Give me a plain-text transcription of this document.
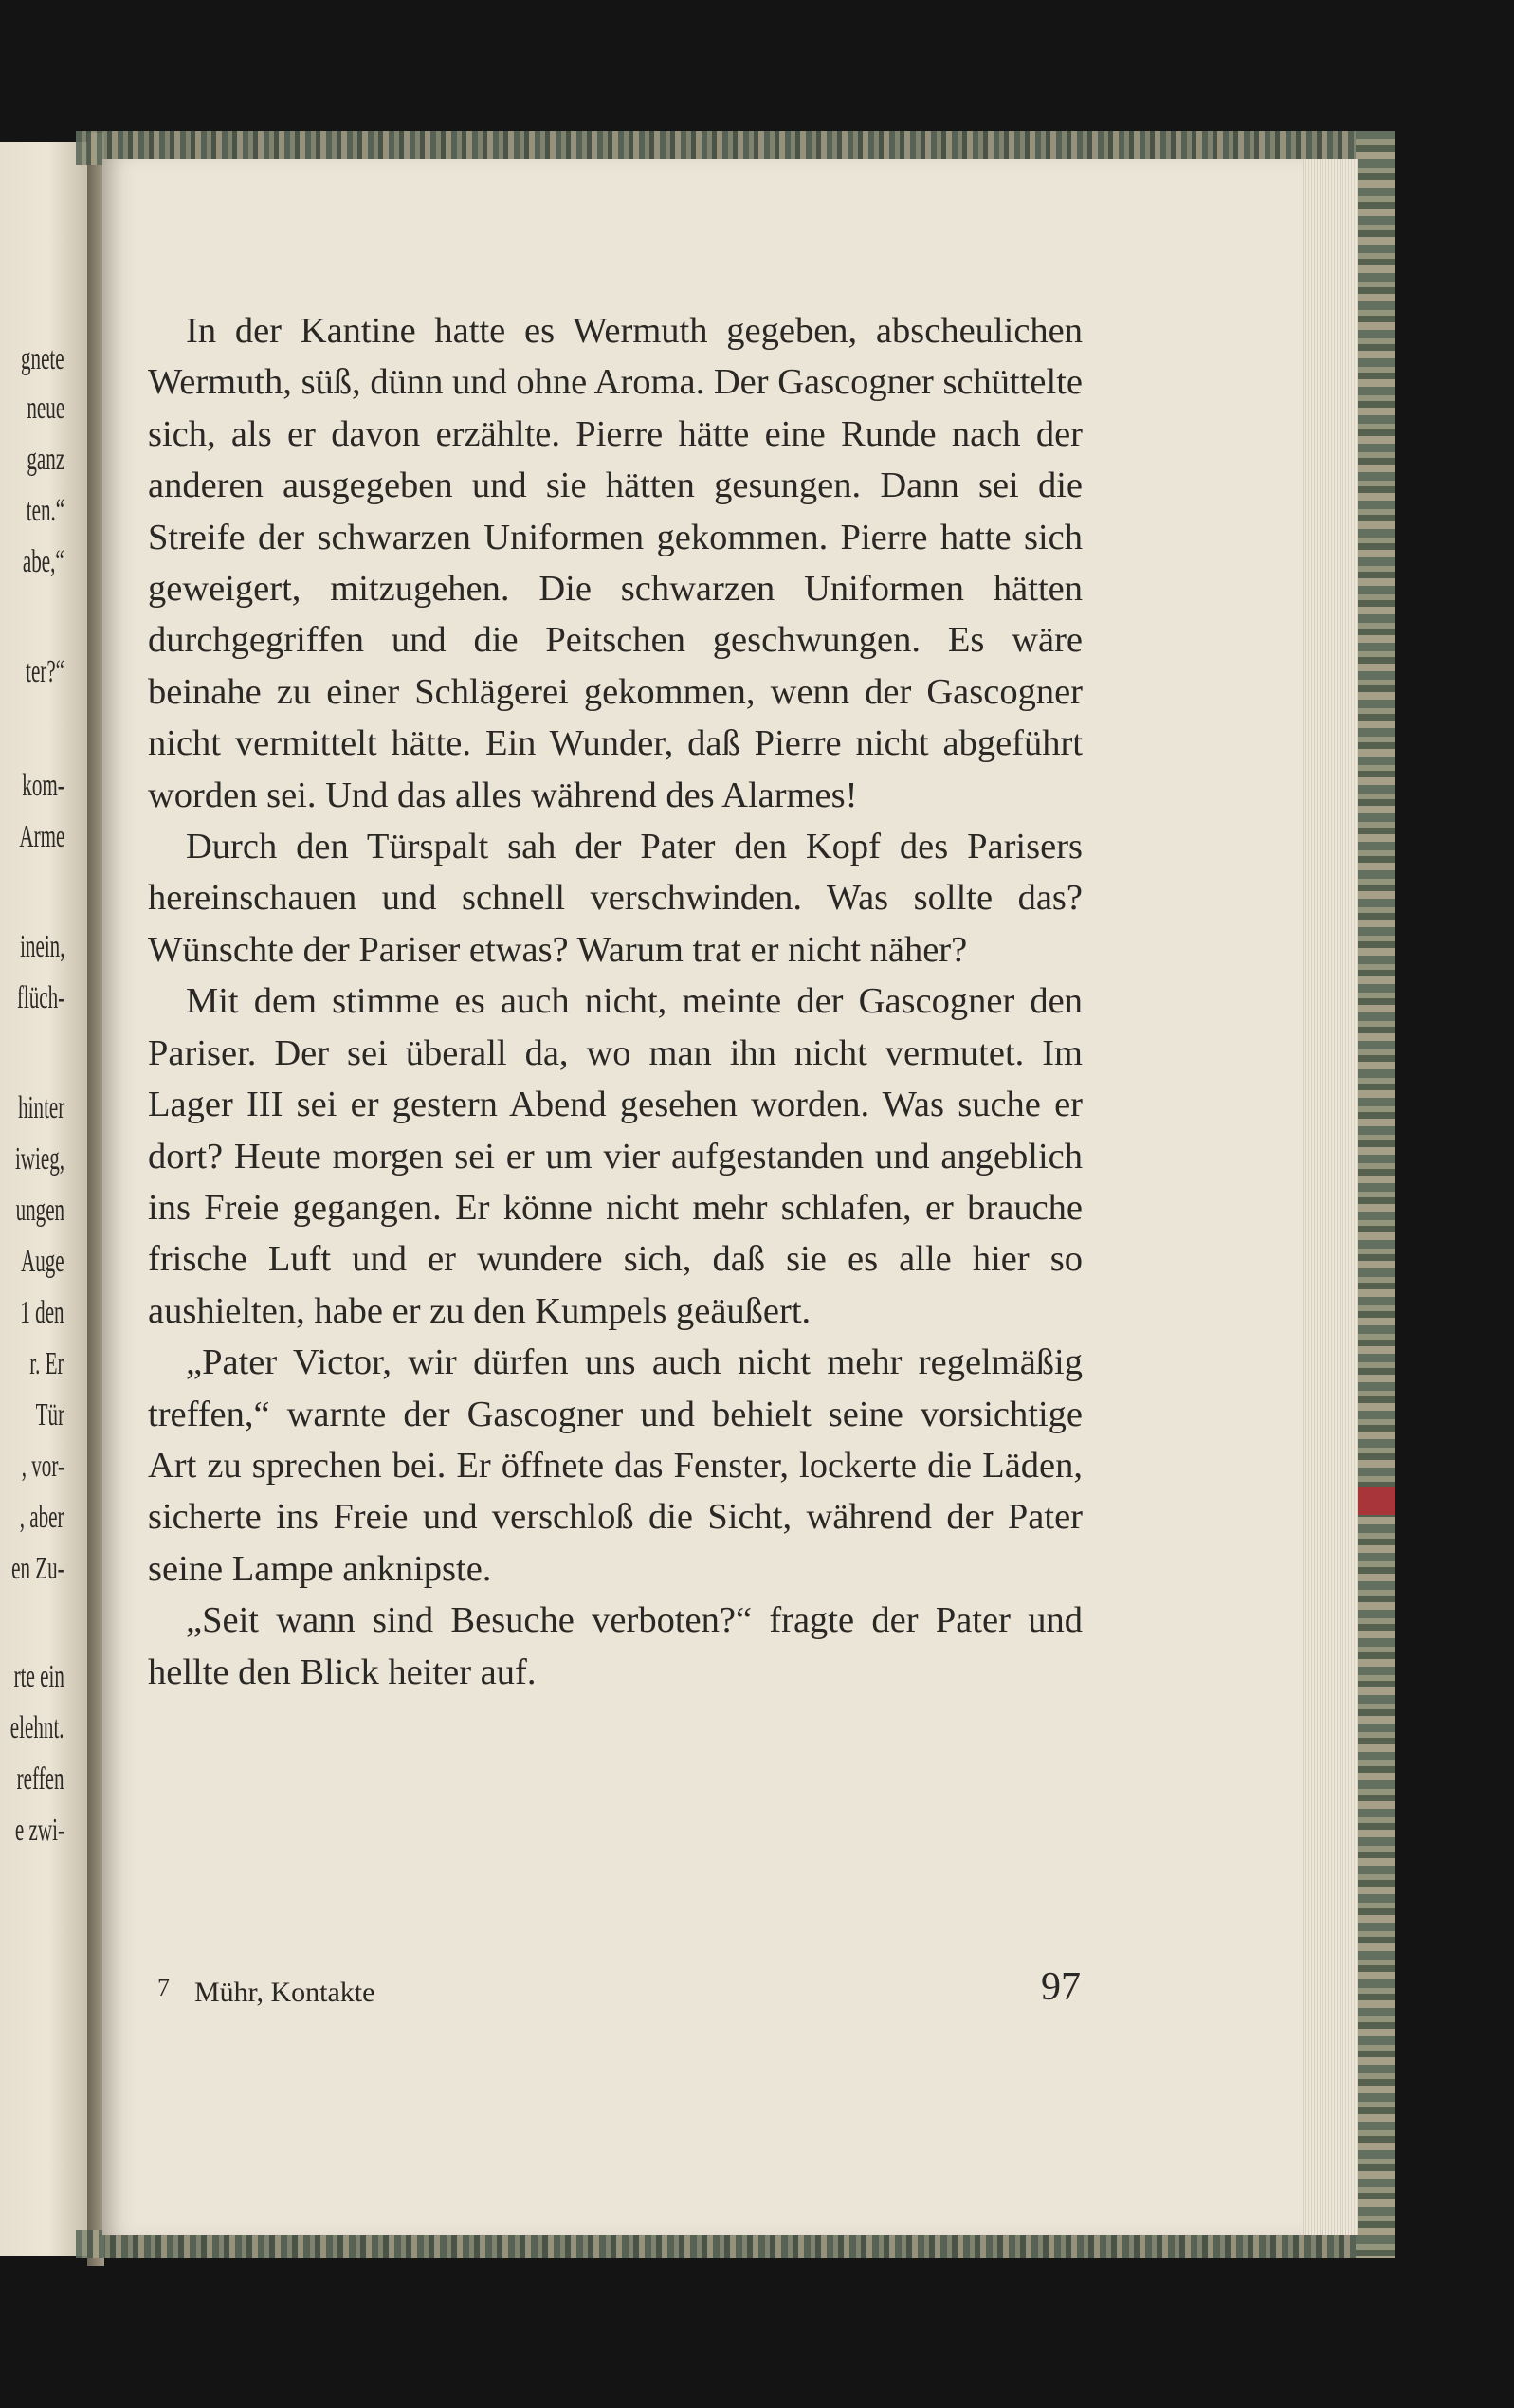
gnete
neue
ganz
ten.“
abe,“
ter?“
kom-
Arme
inein,
flüch-
hinter
iwieg,
ungen
Auge
1 den
r. Er
Tür
, vor-
, aber
en Zu-
rte ein
elehnt.
reffen
e zwi-

In der Kantine hatte es Wermuth gegeben, abscheulichen Wermuth, süß, dünn und ohne Aroma. Der Gascogner schüttelte sich, als er davon erzählte. Pierre hätte eine Runde nach der anderen ausgegeben und sie hätten gesungen. Dann sei die Streife der schwarzen Uniformen gekommen. Pierre hatte sich geweigert, mitzugehen. Die schwarzen Uniformen hätten durchgegriffen und die Peitschen geschwungen. Es wäre beinahe zu einer Schlägerei gekommen, wenn der Gascogner nicht vermittelt hätte. Ein Wunder, daß Pierre nicht abgeführt worden sei. Und das alles während des Alarmes!

Durch den Türspalt sah der Pater den Kopf des Parisers hereinschauen und schnell verschwinden. Was sollte das? Wünschte der Pariser etwas? Warum trat er nicht näher?

Mit dem stimme es auch nicht, meinte der Gascogner den Pariser. Der sei überall da, wo man ihn nicht vermutet. Im Lager III sei er gestern Abend gesehen worden. Was suche er dort? Heute morgen sei er um vier aufgestanden und angeblich ins Freie gegangen. Er könne nicht mehr schlafen, er brauche frische Luft und er wundere sich, daß sie es alle hier so aushielten, habe er zu den Kumpels geäußert.

„Pater Victor, wir dürfen uns auch nicht mehr regelmäßig treffen,“ warnte der Gascogner und behielt seine vorsichtige Art zu sprechen bei. Er öffnete das Fenster, lockerte die Läden, sicherte ins Freie und verschloß die Sicht, während der Pater seine Lampe anknipste.

„Seit wann sind Besuche verboten?“ fragte der Pater und hellte den Blick heiter auf.

7 Mühr, Kontakte	97
